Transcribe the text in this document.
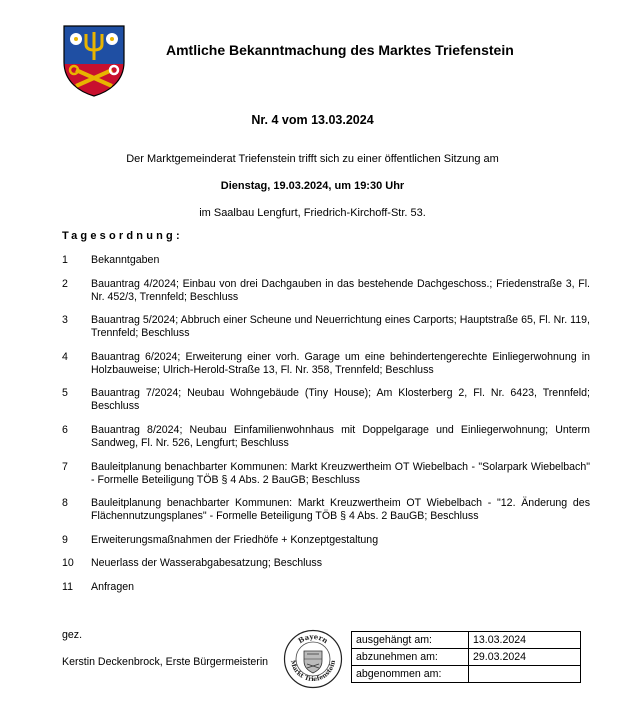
Amtliche Bekanntmachung des Marktes Triefenstein
Nr. 4 vom 13.03.2024
Der Marktgemeinderat Triefenstein trifft sich zu einer öffentlichen Sitzung am
Dienstag, 19.03.2024, um 19:30 Uhr
im Saalbau Lengfurt, Friedrich-Kirchoff-Str. 53.
Tagesordnung:
1	Bekanntgaben
2	Bauantrag 4/2024; Einbau von drei Dachgauben in das bestehende Dachgeschoss.; Friedenstraße 3, Fl. Nr. 452/3, Trennfeld; Beschluss
3	Bauantrag 5/2024; Abbruch einer Scheune und Neuerrichtung eines Carports; Hauptstraße 65, Fl. Nr. 119, Trennfeld; Beschluss
4	Bauantrag 6/2024; Erweiterung einer vorh. Garage um eine behindertengerechte Einliegerwohnung in Holzbauweise; Ulrich-Herold-Straße 13, Fl. Nr. 358, Trennfeld; Beschluss
5	Bauantrag 7/2024; Neubau Wohngebäude (Tiny House); Am Klosterberg 2, Fl. Nr. 6423, Trennfeld; Beschluss
6	Bauantrag 8/2024; Neubau Einfamilienwohnhaus mit Doppelgarage und Einliegerwohnung; Unterm Sandweg, Fl. Nr. 526, Lengfurt; Beschluss
7	Bauleitplanung benachbarter Kommunen: Markt Kreuzwertheim OT Wiebelbach - "Solarpark Wiebelbach" - Formelle Beteiligung TÖB § 4 Abs. 2 BauGB; Beschluss
8	Bauleitplanung benachbarter Kommunen: Markt Kreuzwertheim OT Wiebelbach - "12. Änderung des Flächennutzungsplanes" - Formelle Beteiligung TÖB § 4 Abs. 2 BauGB; Beschluss
9	Erweiterungsmaßnahmen der Friedhöfe + Konzeptgestaltung
10	Neuerlass der Wasserabgabesatzung; Beschluss
11	Anfragen
gez.
Kerstin Deckenbrock, Erste Bürgermeisterin
Bayern
Markt Triefenstein
ausgehängt am:	13.03.2024
abzunehmen am:	29.03.2024
abgenommen am:	
